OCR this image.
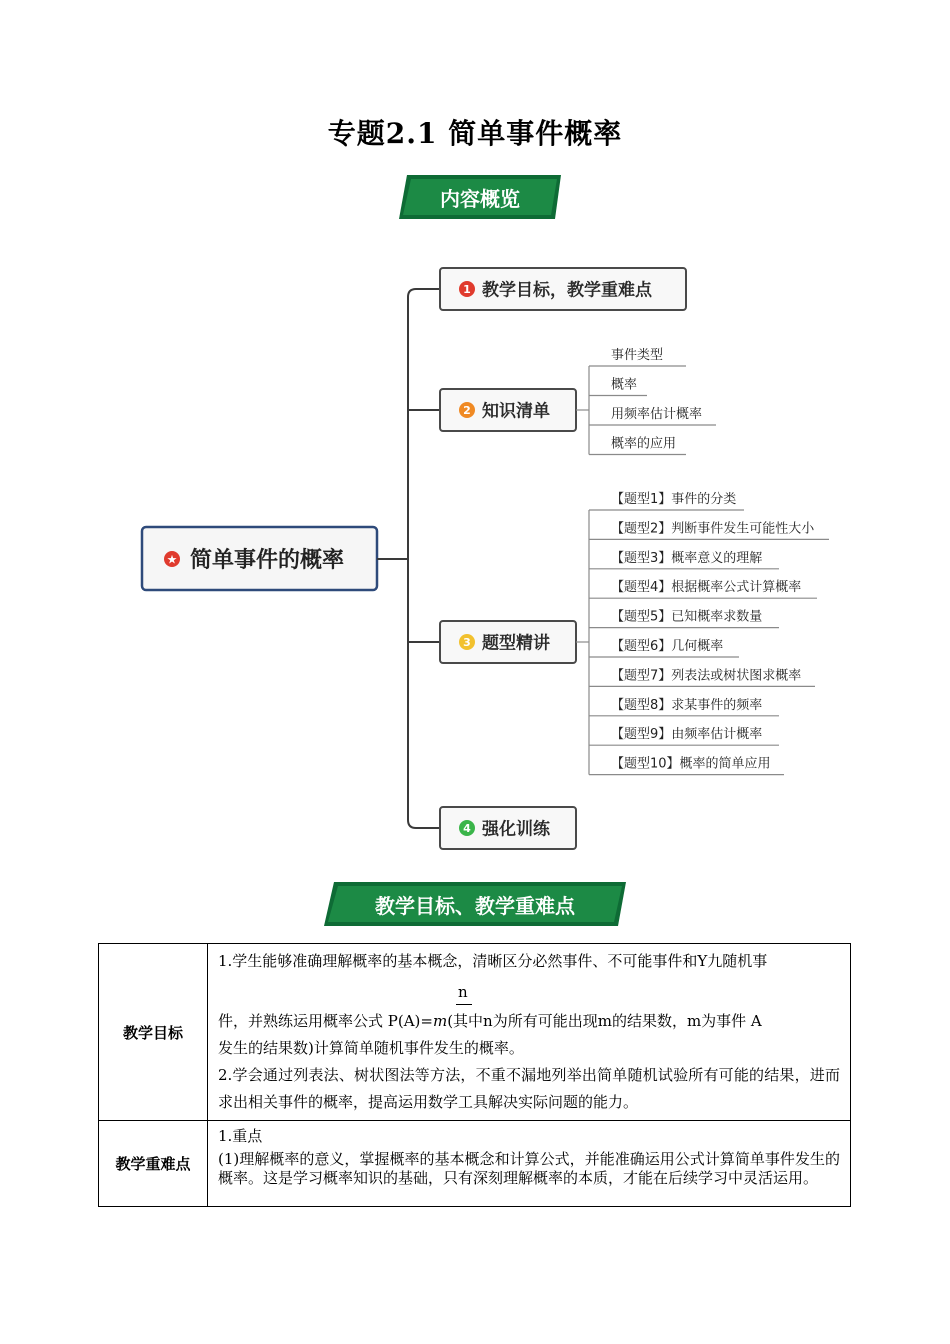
专题2.1 简单事件概率
内容概览
★ 简单事件的概率
1 教学目标，教学重难点
2 知识清单
3 题型精讲
4 强化训练
事件类型
概率
用频率估计概率
概率的应用
【题型1】事件的分类
【题型2】判断事件发生可能性大小
【题型3】概率意义的理解
【题型4】根据概率公式计算概率
【题型5】已知概率求数量
【题型6】几何概率
【题型7】列表法或树状图求概率
【题型8】求某事件的频率
【题型9】由频率估计概率
【题型10】概率的简单应用
教学目标、教学重难点
教学目标	1.学生能够准确理解概率的基本概念，清晰区分必然事件、不可能事件和Y九随机事

n

件，并熟练运用概率公式 P(A)=m(其中n为所有可能出现m的结果数，m为事件 A

发生的结果数)计算简单随机事件发生的概率。

2.学会通过列表法、树状图法等方法，不重不漏地列举出简单随机试验所有可能的结果，进而求出相关事件的概率，提高运用数学工具解决实际问题的能力。

教学重难点	1.重点

(1)理解概率的意义，掌握概率的基本概念和计算公式，并能准确运用公式计算简单事件发生的概率。这是学习概率知识的基础，只有深刻理解概率的本质，才能在后续学习中灵活运用。
